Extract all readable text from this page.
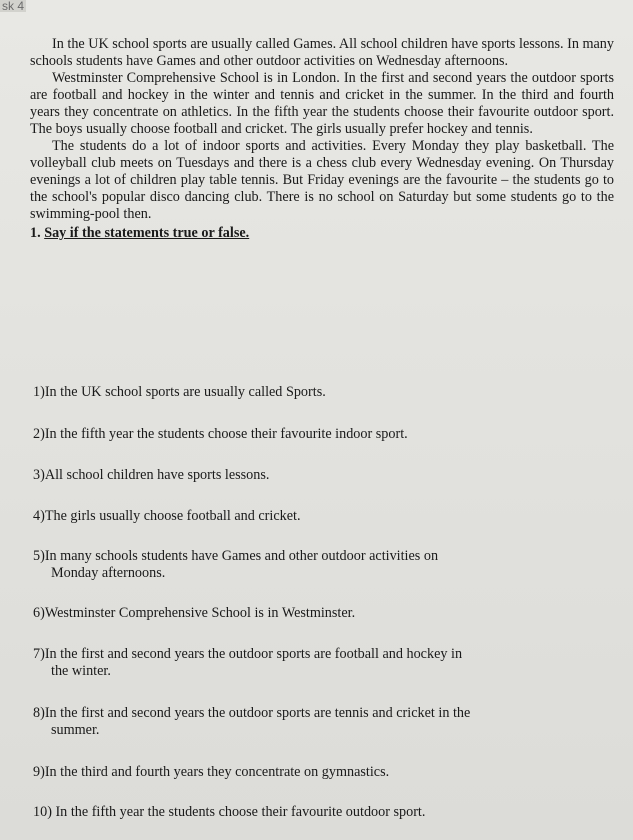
sk 4

In the UK school sports are usually called Games. All school children have sports lessons. In many schools students have Games and other outdoor activities on Wednesday afternoons.

Westminster Comprehensive School is in London. In the first and second years the outdoor sports are football and hockey in the winter and tennis and cricket in the summer. In the third and fourth years they concentrate on athletics. In the fifth year the students choose their favourite outdoor sport. The boys usually choose football and cricket. The girls usually prefer hockey and tennis.

The students do a lot of indoor sports and activities. Every Monday they play basketball. The volleyball club meets on Tuesdays and there is a chess club every Wednesday evening. On Thursday evenings a lot of children play table tennis. But Friday evenings are the favourite – the students go to the school's popular disco dancing club. There is no school on Saturday but some students go to the swimming-pool then.

1. Say if the statements true or false.

1)In the UK school sports are usually called Sports.
2)In the fifth year the students choose their favourite indoor sport.
3)All school children have sports lessons.
4)The girls usually choose football and cricket.
5)In many schools students have Games and other outdoor activities on
Monday afternoons.
6)Westminster Comprehensive School is in Westminster.
7)In the first and second years the outdoor sports are football and hockey in
the winter.
8)In the first and second years the outdoor sports are tennis and cricket in the
summer.
9)In the third and fourth years they concentrate on gymnastics.
10) In the fifth year the students choose their favourite outdoor sport.
